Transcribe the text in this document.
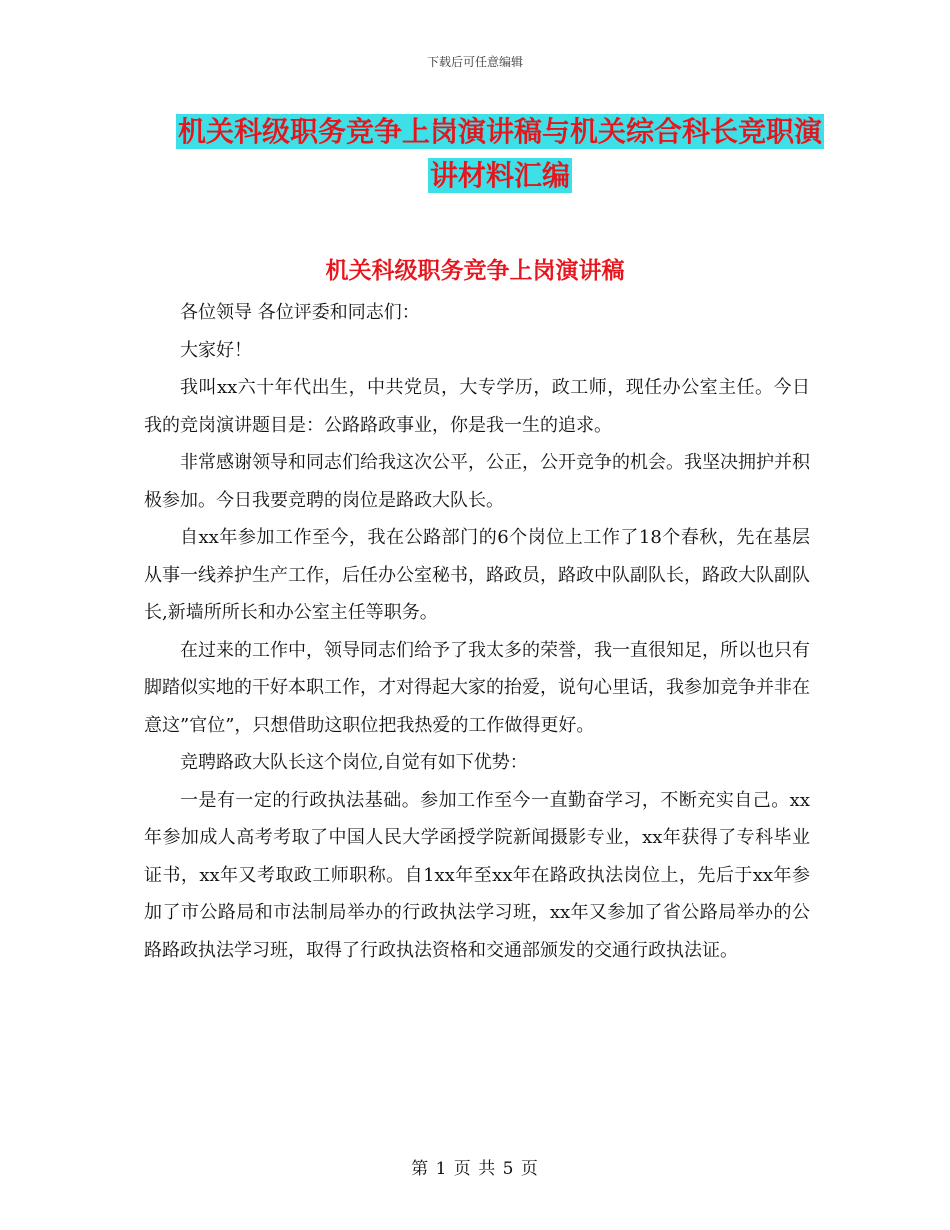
下载后可任意编辑
机关科级职务竞争上岗演讲稿与机关综合科长竞职演
讲材料汇编
机关科级职务竞争上岗演讲稿

各位领导 各位评委和同志们：

大家好！

我叫xx六十年代出生，中共党员，大专学历，政工师，现任办公室主任。今日我的竞岗演讲题目是：公路路政事业，你是我一生的追求。

非常感谢领导和同志们给我这次公平，公正，公开竞争的机会。我坚决拥护并积极参加。今日我要竞聘的岗位是路政大队长。

自xx年参加工作至今，我在公路部门的6个岗位上工作了18个春秋，先在基层从事一线养护生产工作，后任办公室秘书，路政员，路政中队副队长，路政大队副队长,新墙所所长和办公室主任等职务。

在过来的工作中，领导同志们给予了我太多的荣誉，我一直很知足，所以也只有脚踏似实地的干好本职工作，才对得起大家的抬爱，说句心里话，我参加竞争并非在意这”官位”，只想借助这职位把我热爱的工作做得更好。

竞聘路政大队长这个岗位,自觉有如下优势：

一是有一定的行政执法基础。参加工作至今一直勤奋学习，不断充实自己。xx年参加成人高考考取了中国人民大学函授学院新闻摄影专业，xx年获得了专科毕业证书，xx年又考取政工师职称。自1xx年至xx年在路政执法岗位上，先后于xx年参加了市公路局和市法制局举办的行政执法学习班，xx年又参加了省公路局举办的公路路政执法学习班，取得了行政执法资格和交通部颁发的交通行政执法证。

第 1 页 共 5 页
